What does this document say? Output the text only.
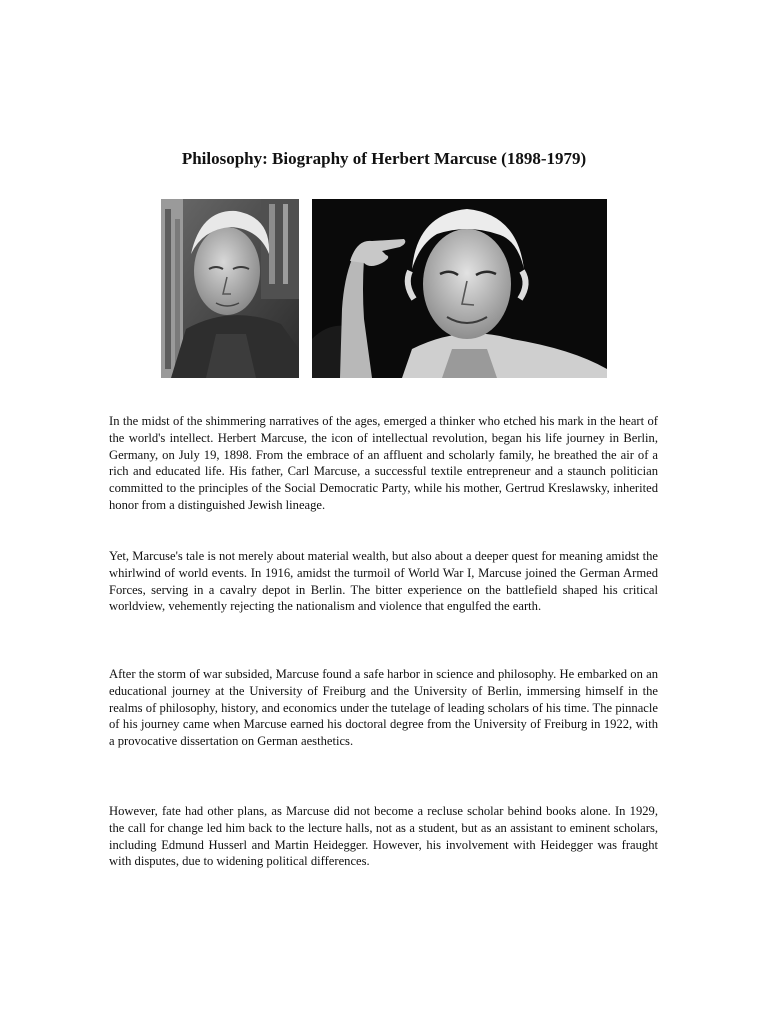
Philosophy: Biography of Herbert Marcuse (1898-1979)

In the midst of the shimmering narratives of the ages, emerged a thinker who etched his mark in the heart of the world's intellect. Herbert Marcuse, the icon of intellectual revolution, began his life journey in Berlin, Germany, on July 19, 1898. From the embrace of an affluent and scholarly family, he breathed the air of a rich and educated life. His father, Carl Marcuse, a successful textile entrepreneur and a staunch politician committed to the principles of the Social Democratic Party, while his mother, Gertrud Kreslawsky, inherited honor from a distinguished Jewish lineage.

Yet, Marcuse's tale is not merely about material wealth, but also about a deeper quest for meaning amidst the whirlwind of world events. In 1916, amidst the turmoil of World War I, Marcuse joined the German Armed Forces, serving in a cavalry depot in Berlin. The bitter experience on the battlefield shaped his critical worldview, vehemently rejecting the nationalism and violence that engulfed the earth.

After the storm of war subsided, Marcuse found a safe harbor in science and philosophy. He embarked on an educational journey at the University of Freiburg and the University of Berlin, immersing himself in the realms of philosophy, history, and economics under the tutelage of leading scholars of his time. The pinnacle of his journey came when Marcuse earned his doctoral degree from the University of Freiburg in 1922, with a provocative dissertation on German aesthetics.

However, fate had other plans, as Marcuse did not become a recluse scholar behind books alone. In 1929, the call for change led him back to the lecture halls, not as a student, but as an assistant to eminent scholars, including Edmund Husserl and Martin Heidegger. However, his involvement with Heidegger was fraught with disputes, due to widening political differences.
